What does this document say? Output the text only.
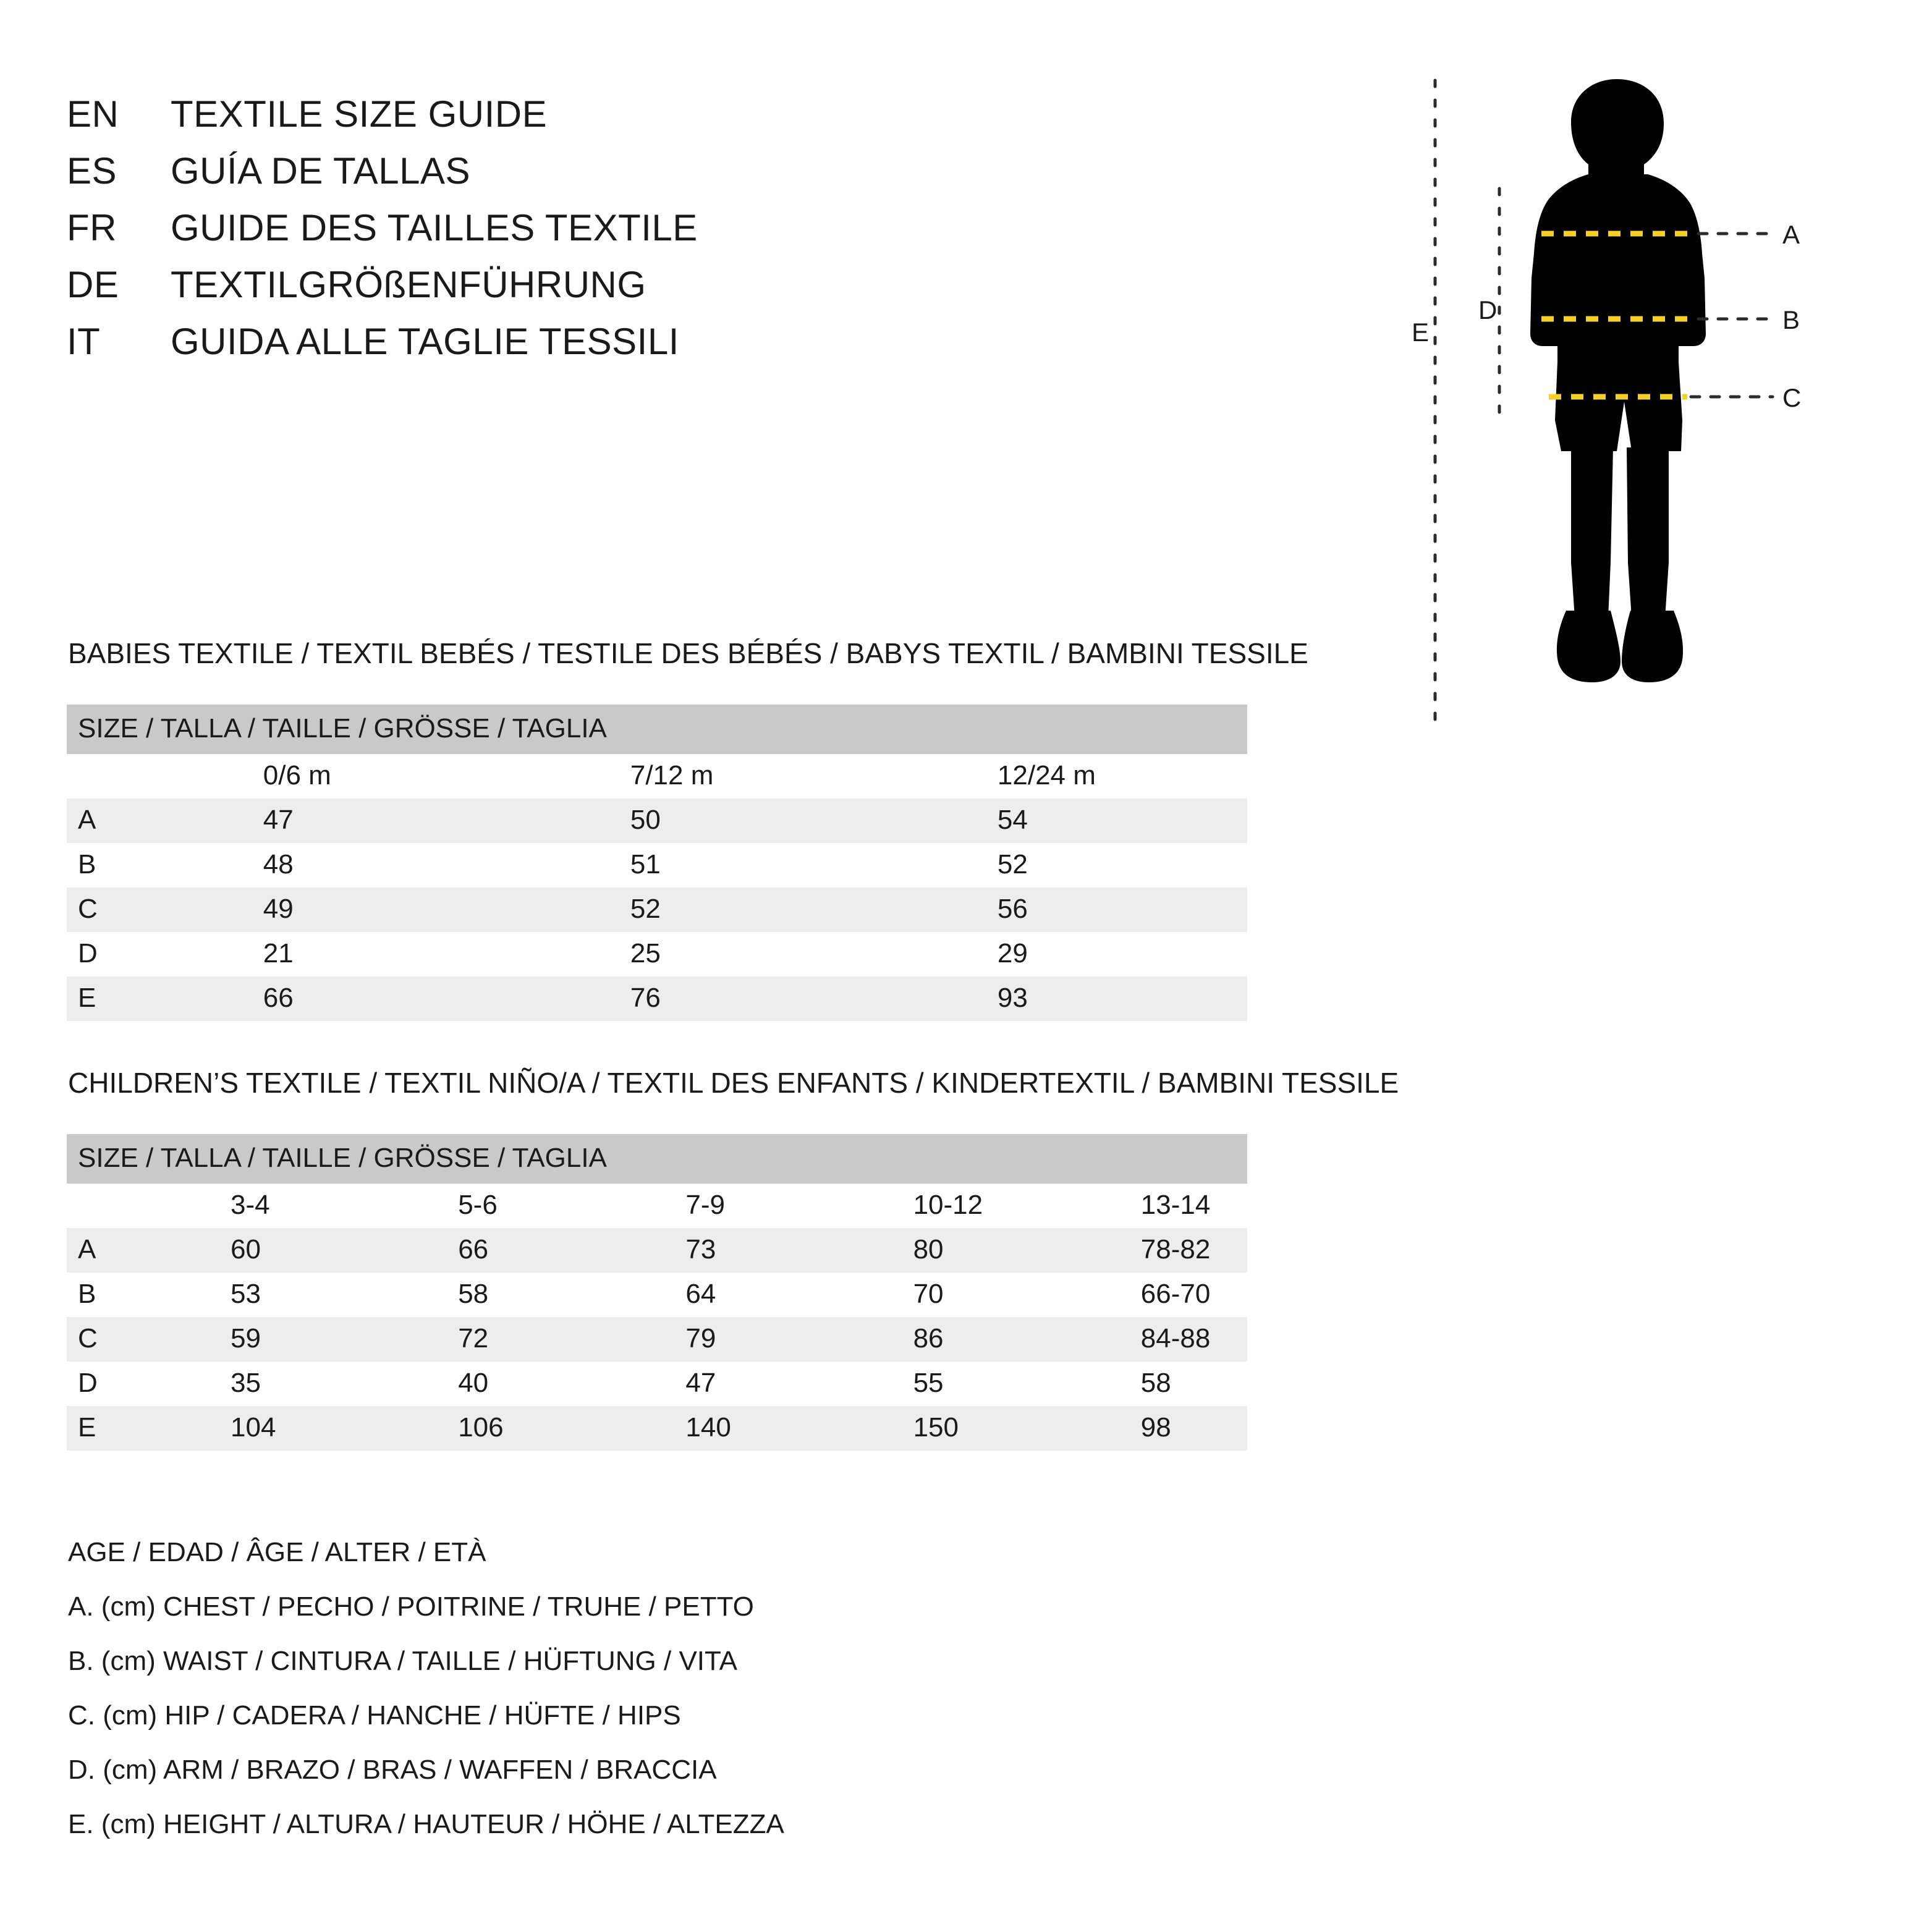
EN	TEXTILE SIZE GUIDE
ES	GUÍA DE TALLAS
FR	GUIDE DES TAILLES TEXTILE
DE	TEXTILGRÖßENFÜHRUNG
IT	GUIDA ALLE TAGLIE TESSILI
A
B
C
D
E
BABIES TEXTILE / TEXTIL BEBÉS / TESTILE DES BÉBÉS / BABYS TEXTIL / BAMBINI TESSILE
SIZE / TALLA / TAILLE / GRÖSSE / TAGLIA			
	0/6 m	7/12 m	12/24 m
A	47	50	54
B	48	51	52
C	49	52	56
D	21	25	29
E	66	76	93
CHILDREN’S TEXTILE / TEXTIL NIÑO/A / TEXTIL DES ENFANTS / KINDERTEXTIL / BAMBINI TESSILE
SIZE / TALLA / TAILLE / GRÖSSE / TAGLIA					
	3-4	5-6	7-9	10-12	13-14
A	60	66	73	80	78-82
B	53	58	64	70	66-70
C	59	72	79	86	84-88
D	35	40	47	55	58
E	104	106	140	150	98
AGE / EDAD / ÂGE / ALTER / ETÀ
A. (cm) CHEST / PECHO / POITRINE / TRUHE / PETTO
B. (cm) WAIST / CINTURA / TAILLE / HÜFTUNG / VITA
C. (cm) HIP / CADERA / HANCHE / HÜFTE / HIPS
D. (cm) ARM / BRAZO / BRAS / WAFFEN / BRACCIA
E. (cm) HEIGHT / ALTURA / HAUTEUR / HÖHE / ALTEZZA
